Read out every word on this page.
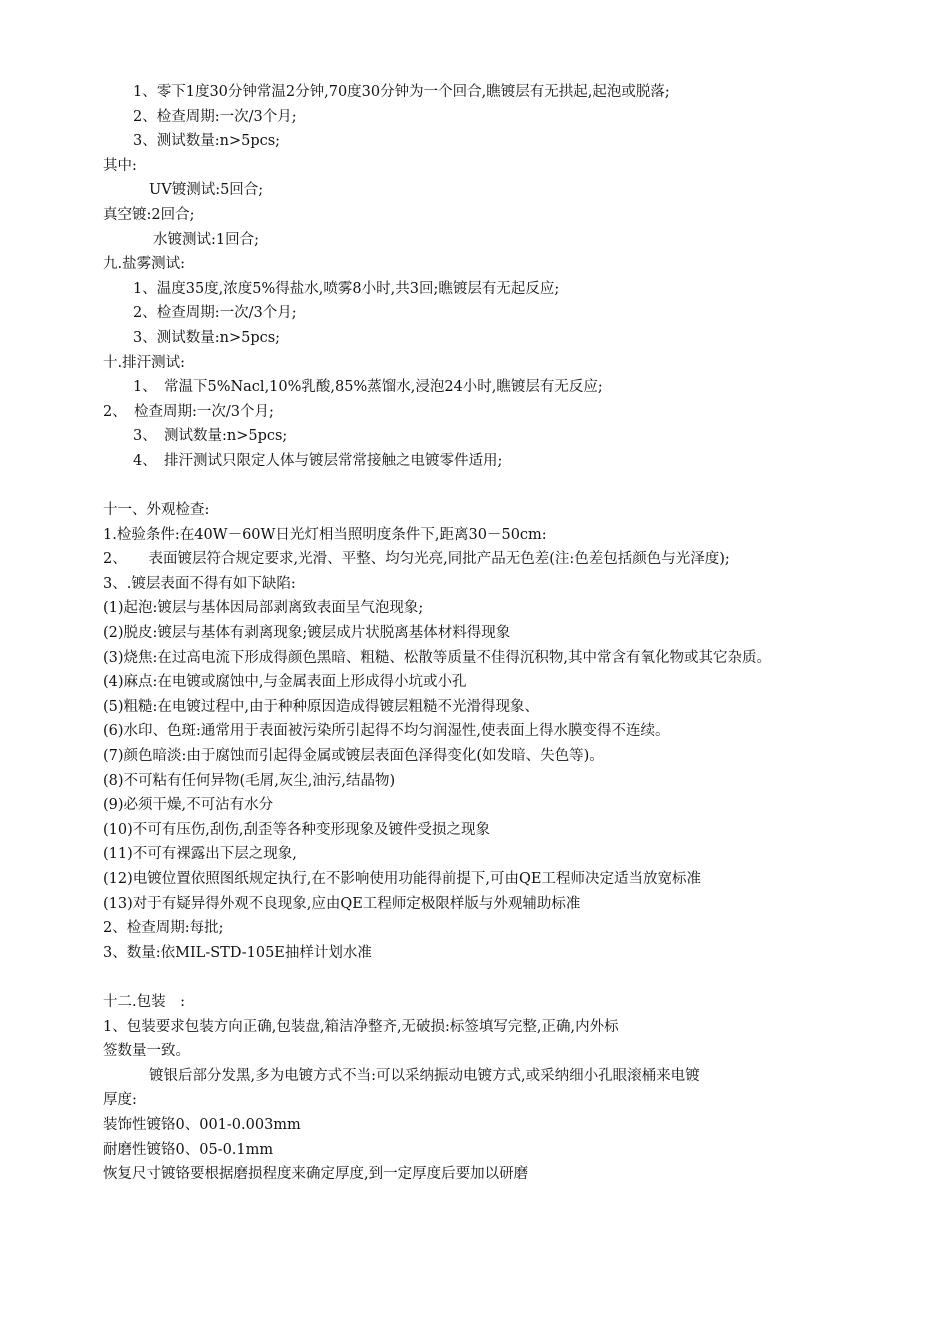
1、零下1度30分钟常温2分钟,70度30分钟为一个回合,瞧镀层有无拱起,起泡或脱落;

2、检查周期:一次/3个月;

3、测试数量:n>5pcs;

其中:

UV镀测试:5回合;

真空镀:2回合;

水镀测试:1回合;

九.盐雾测试:

1、温度35度,浓度5%得盐水,喷雾8小时,共3回;瞧镀层有无起反应;

2、检查周期:一次/3个月;

3、测试数量:n>5pcs;

十.排汗测试:

1、　常温下5%Nacl,10%乳酸,85%蒸馏水,浸泡24小时,瞧镀层有无反应;

2、　检查周期:一次/3个月;

3、　测试数量:n>5pcs;

4、　排汗测试只限定人体与镀层常常接触之电镀零件适用;

十一、外观检查:

1.检验条件:在40W－60W日光灯相当照明度条件下,距离30－50cm:

2、　　表面镀层符合规定要求,光滑、平整、均匀光亮,同批产品无色差(注:色差包括颜色与光泽度);

3、.镀层表面不得有如下缺陷:

(1)起泡:镀层与基体因局部剥离致表面呈气泡现象;

(2)脱皮:镀层与基体有剥离现象;镀层成片状脱离基体材料得现象

(3)烧焦:在过高电流下形成得颜色黑暗、粗糙、松散等质量不佳得沉积物,其中常含有氧化物或其它杂质。

(4)麻点:在电镀或腐蚀中,与金属表面上形成得小坑或小孔

(5)粗糙:在电镀过程中,由于种种原因造成得镀层粗糙不光滑得现象、

(6)水印、色斑:通常用于表面被污染所引起得不均匀润湿性,使表面上得水膜变得不连续。

(7)颜色暗淡:由于腐蚀而引起得金属或镀层表面色泽得变化(如发暗、失色等)。

(8)不可粘有任何异物(毛屑,灰尘,油污,结晶物)

(9)必须干燥,不可沾有水分

(10)不可有压伤,刮伤,刮歪等各种变形现象及镀件受损之现象

(11)不可有裸露出下层之现象,

(12)电镀位置依照图纸规定执行,在不影响使用功能得前提下,可由QE工程师决定适当放宽标准

(13)对于有疑异得外观不良现象,应由QE工程师定极限样版与外观辅助标准

2、检查周期:每批;

3、数量:依MIL-STD-105E抽样计划水准

十二.包装　:

1、包装要求包装方向正确,包装盘,箱洁净整齐,无破损:标签填写完整,正确,内外标

签数量一致。

镀银后部分发黑,多为电镀方式不当:可以采纳振动电镀方式,或采纳细小孔眼滚桶来电镀

厚度:

装饰性镀铬0、001-0.003mm

耐磨性镀铬0、05-0.1mm

恢复尺寸镀铬要根据磨损程度来确定厚度,到一定厚度后要加以研磨
